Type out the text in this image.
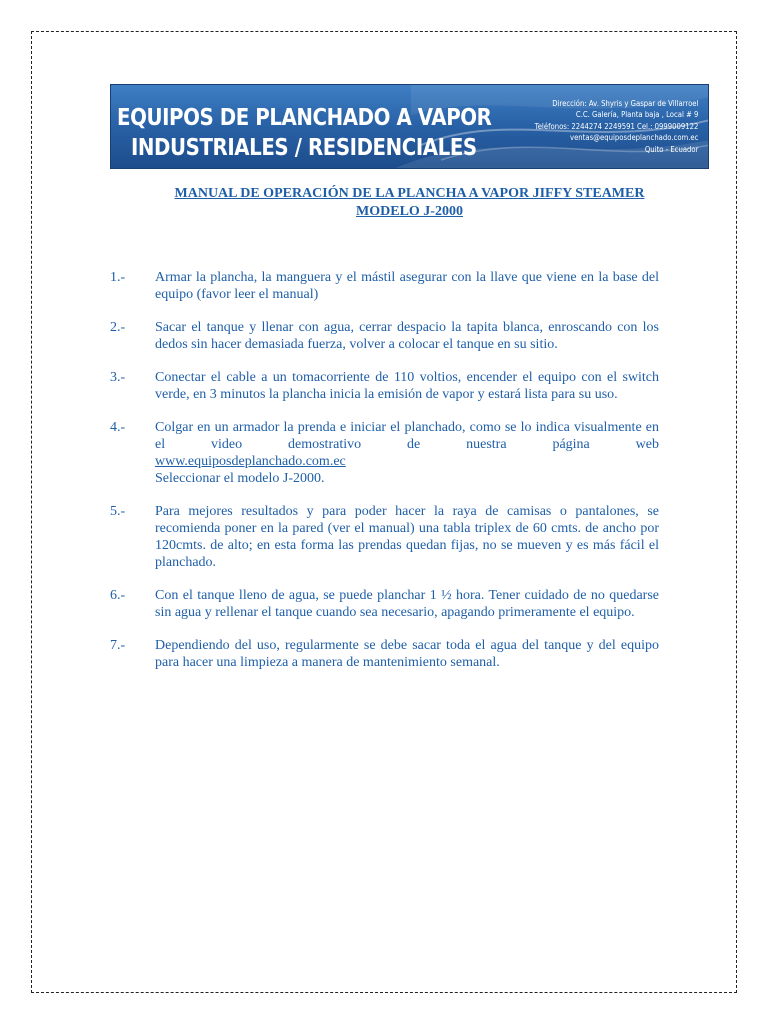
EQUIPOS DE PLANCHADO A VAPOR
INDUSTRIALES / RESIDENCIALES
Dirección: Av. Shyris y Gaspar de Villarroel
C.C. Galería, Planta baja , Local # 9
Teléfonos: 2244274 2249591 Cel.: 0999009122
ventas@equiposdeplanchado.com.ec
Quito - Ecuador
MANUAL DE OPERACIÓN DE LA PLANCHA A VAPOR JIFFY STEAMER
MODELO J-2000
1.-	Armar la plancha, la manguera y el mástil asegurar con la llave que viene en la base del equipo (favor leer el manual)
2.-	Sacar el tanque y llenar con agua, cerrar despacio la tapita blanca, enroscando con los dedos sin hacer demasiada fuerza, volver a colocar el tanque en su sitio.
3.-	Conectar el cable a un tomacorriente de 110 voltios, encender el equipo con el switch verde, en 3 minutos la plancha inicia la emisión de vapor y estará lista para su uso.
4.-	Colgar en un armador la prenda e iniciar el planchado, como se lo indica visualmente en el video demostrativo de nuestra página web
www.equiposdeplanchado.com.ec
Seleccionar el modelo J-2000.
5.-	Para mejores resultados y para poder hacer la raya de camisas o pantalones, se recomienda poner en la pared (ver el manual) una tabla triplex de 60 cmts. de ancho por 120cmts. de alto; en esta forma las prendas quedan fijas, no se mueven y es más fácil el planchado.
6.-	Con el tanque lleno de agua, se puede planchar 1 ½ hora. Tener cuidado de no quedarse sin agua y rellenar el tanque cuando sea necesario, apagando primeramente el equipo.
7.-	Dependiendo del uso, regularmente se debe sacar toda el agua del tanque y del equipo para hacer una limpieza a manera de mantenimiento semanal.
